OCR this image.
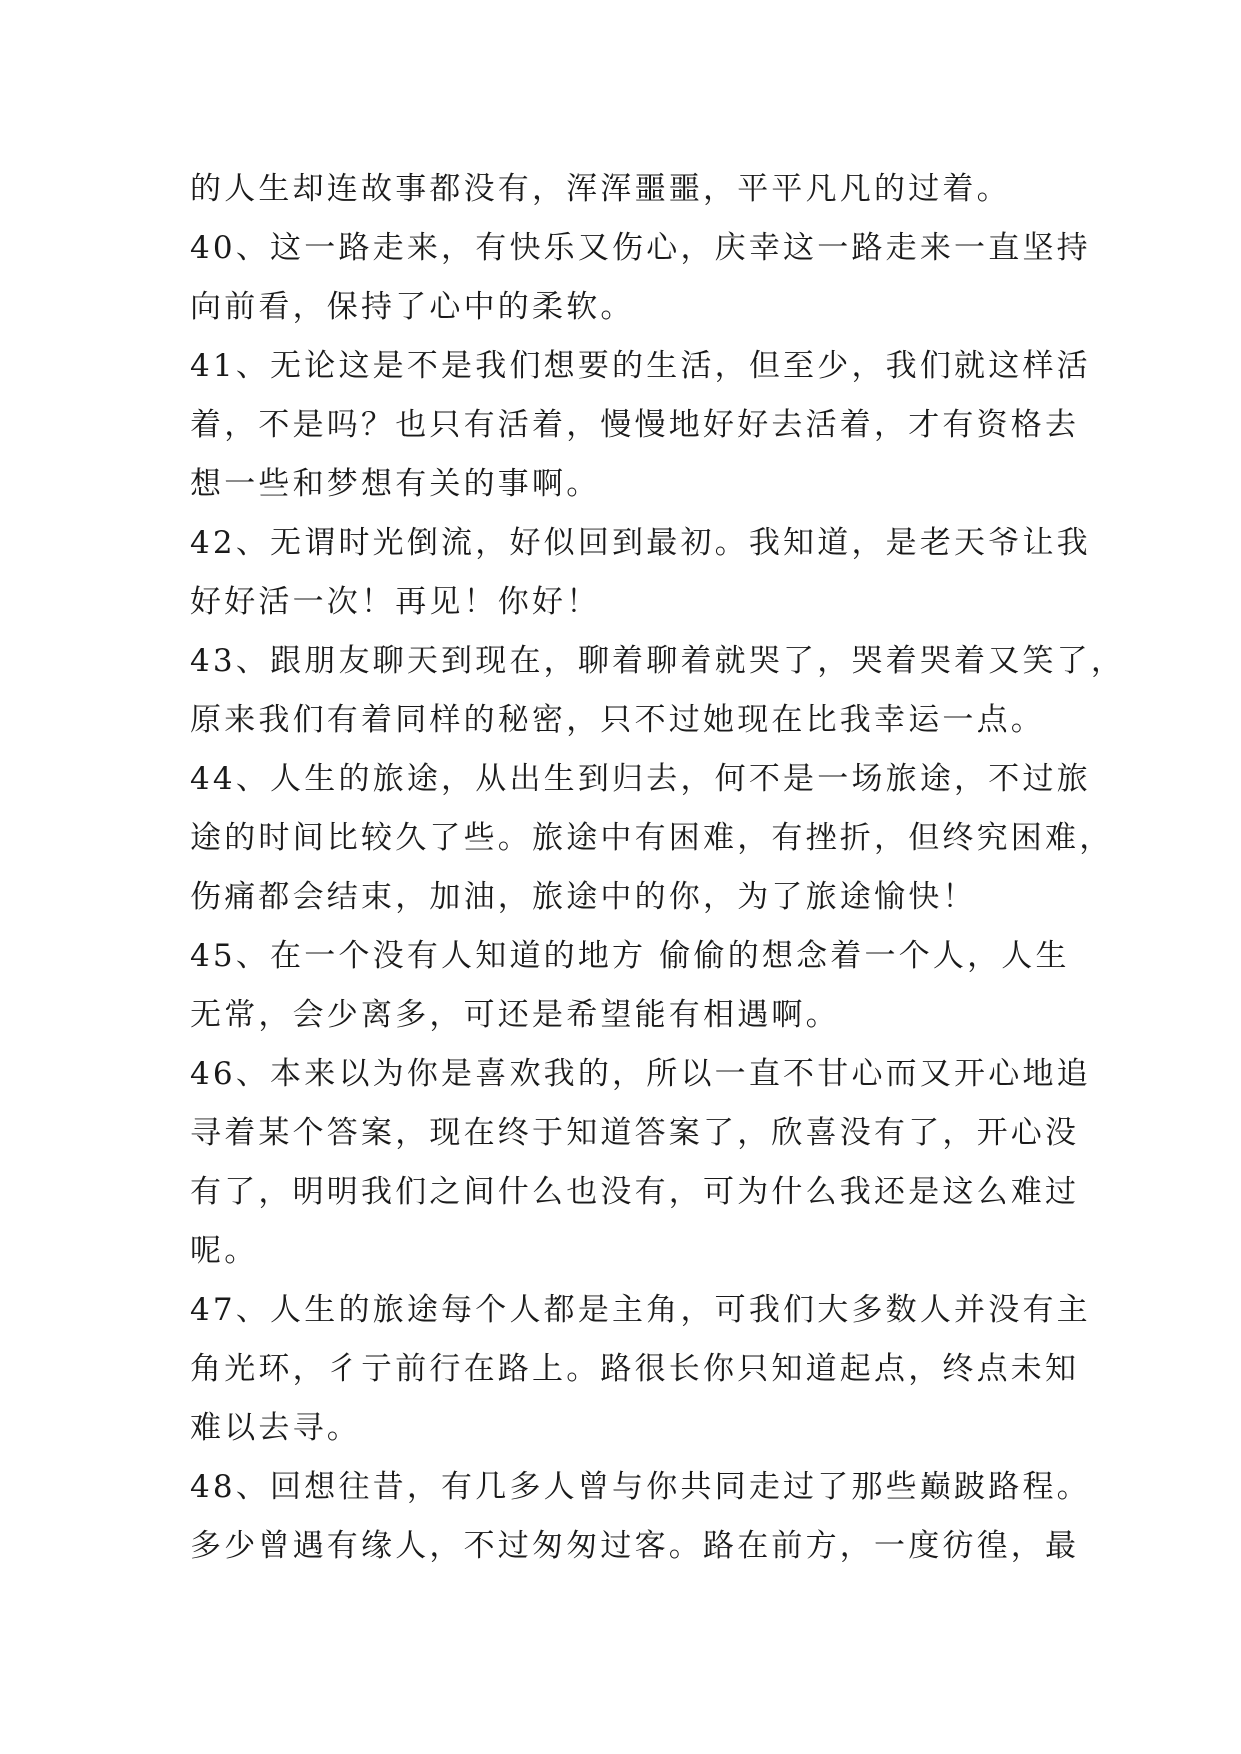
的人生却连故事都没有，浑浑噩噩，平平凡凡的过着。
40、这一路走来，有快乐又伤心，庆幸这一路走来一直坚持
向前看，保持了心中的柔软。
41、无论这是不是我们想要的生活，但至少，我们就这样活
着，不是吗？也只有活着，慢慢地好好去活着，才有资格去
想一些和梦想有关的事啊。
42、无谓时光倒流，好似回到最初。我知道，是老天爷让我
好好活一次！再见！你好！
43、跟朋友聊天到现在，聊着聊着就哭了，哭着哭着又笑了，
原来我们有着同样的秘密，只不过她现在比我幸运一点。
44、人生的旅途，从出生到归去，何不是一场旅途，不过旅
途的时间比较久了些。旅途中有困难，有挫折，但终究困难，
伤痛都会结束，加油，旅途中的你，为了旅途愉快！
45、在一个没有人知道的地方 偷偷的想念着一个人，人生
无常，会少离多，可还是希望能有相遇啊。
46、本来以为你是喜欢我的，所以一直不甘心而又开心地追
寻着某个答案，现在终于知道答案了，欣喜没有了，开心没
有了，明明我们之间什么也没有，可为什么我还是这么难过
呢。
47、人生的旅途每个人都是主角，可我们大多数人并没有主
角光环，彳亍前行在路上。路很长你只知道起点，终点未知
难以去寻。
48、回想往昔，有几多人曾与你共同走过了那些巅跛路程。
多少曾遇有缘人，不过匆匆过客。路在前方，一度彷徨，最
